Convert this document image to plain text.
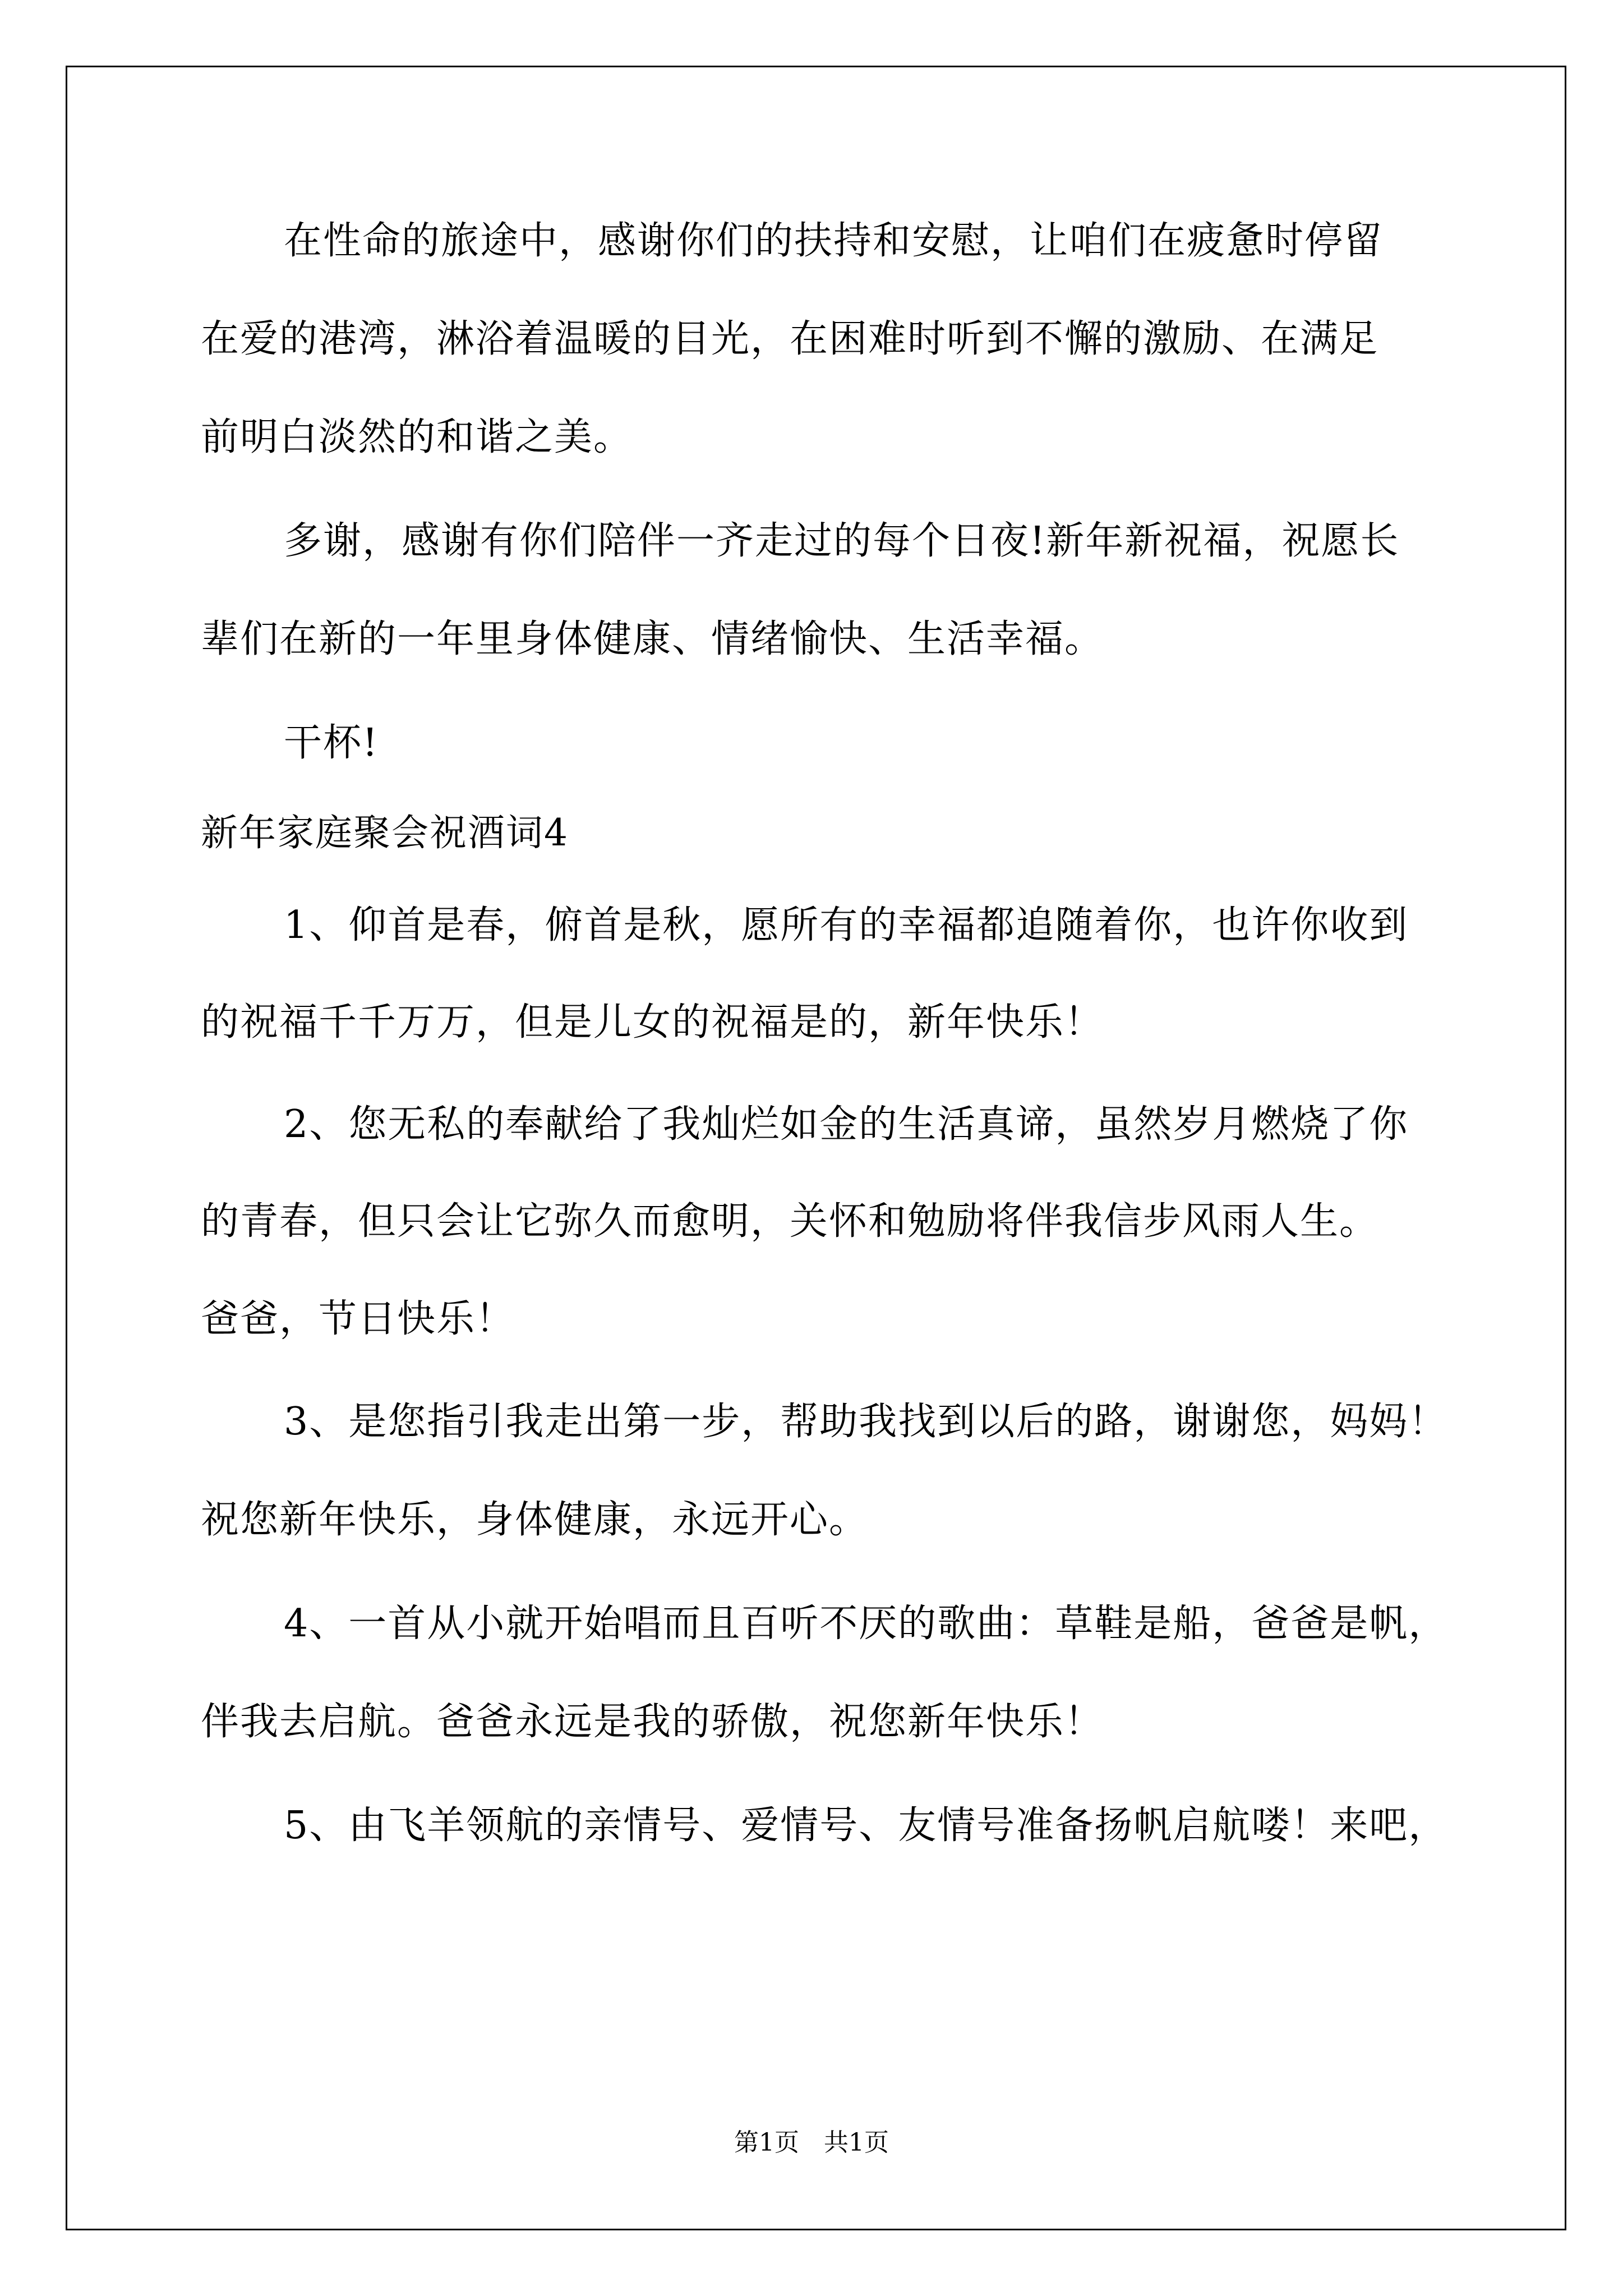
在性命的旅途中，感谢你们的扶持和安慰，让咱们在疲惫时停留
在爱的港湾，淋浴着温暖的目光，在困难时听到不懈的激励、在满足
前明白淡然的和谐之美。
多谢，感谢有你们陪伴一齐走过的每个日夜!新年新祝福，祝愿长
辈们在新的一年里身体健康、情绪愉快、生活幸福。
干杯!
新年家庭聚会祝酒词4
1、仰首是春，俯首是秋，愿所有的幸福都追随着你，也许你收到
的祝福千千万万，但是儿女的祝福是的，新年快乐！
2、您无私的奉献给了我灿烂如金的生活真谛，虽然岁月燃烧了你
的青春，但只会让它弥久而愈明，关怀和勉励将伴我信步风雨人生。
爸爸，节日快乐！
3、是您指引我走出第一步，帮助我找到以后的路，谢谢您，妈妈！
祝您新年快乐，身体健康，永远开心。
4、一首从小就开始唱而且百听不厌的歌曲：草鞋是船，爸爸是帆，
伴我去启航。爸爸永远是我的骄傲，祝您新年快乐！
5、由飞羊领航的亲情号、爱情号、友情号准备扬帆启航喽！来吧，
第1页　共1页
